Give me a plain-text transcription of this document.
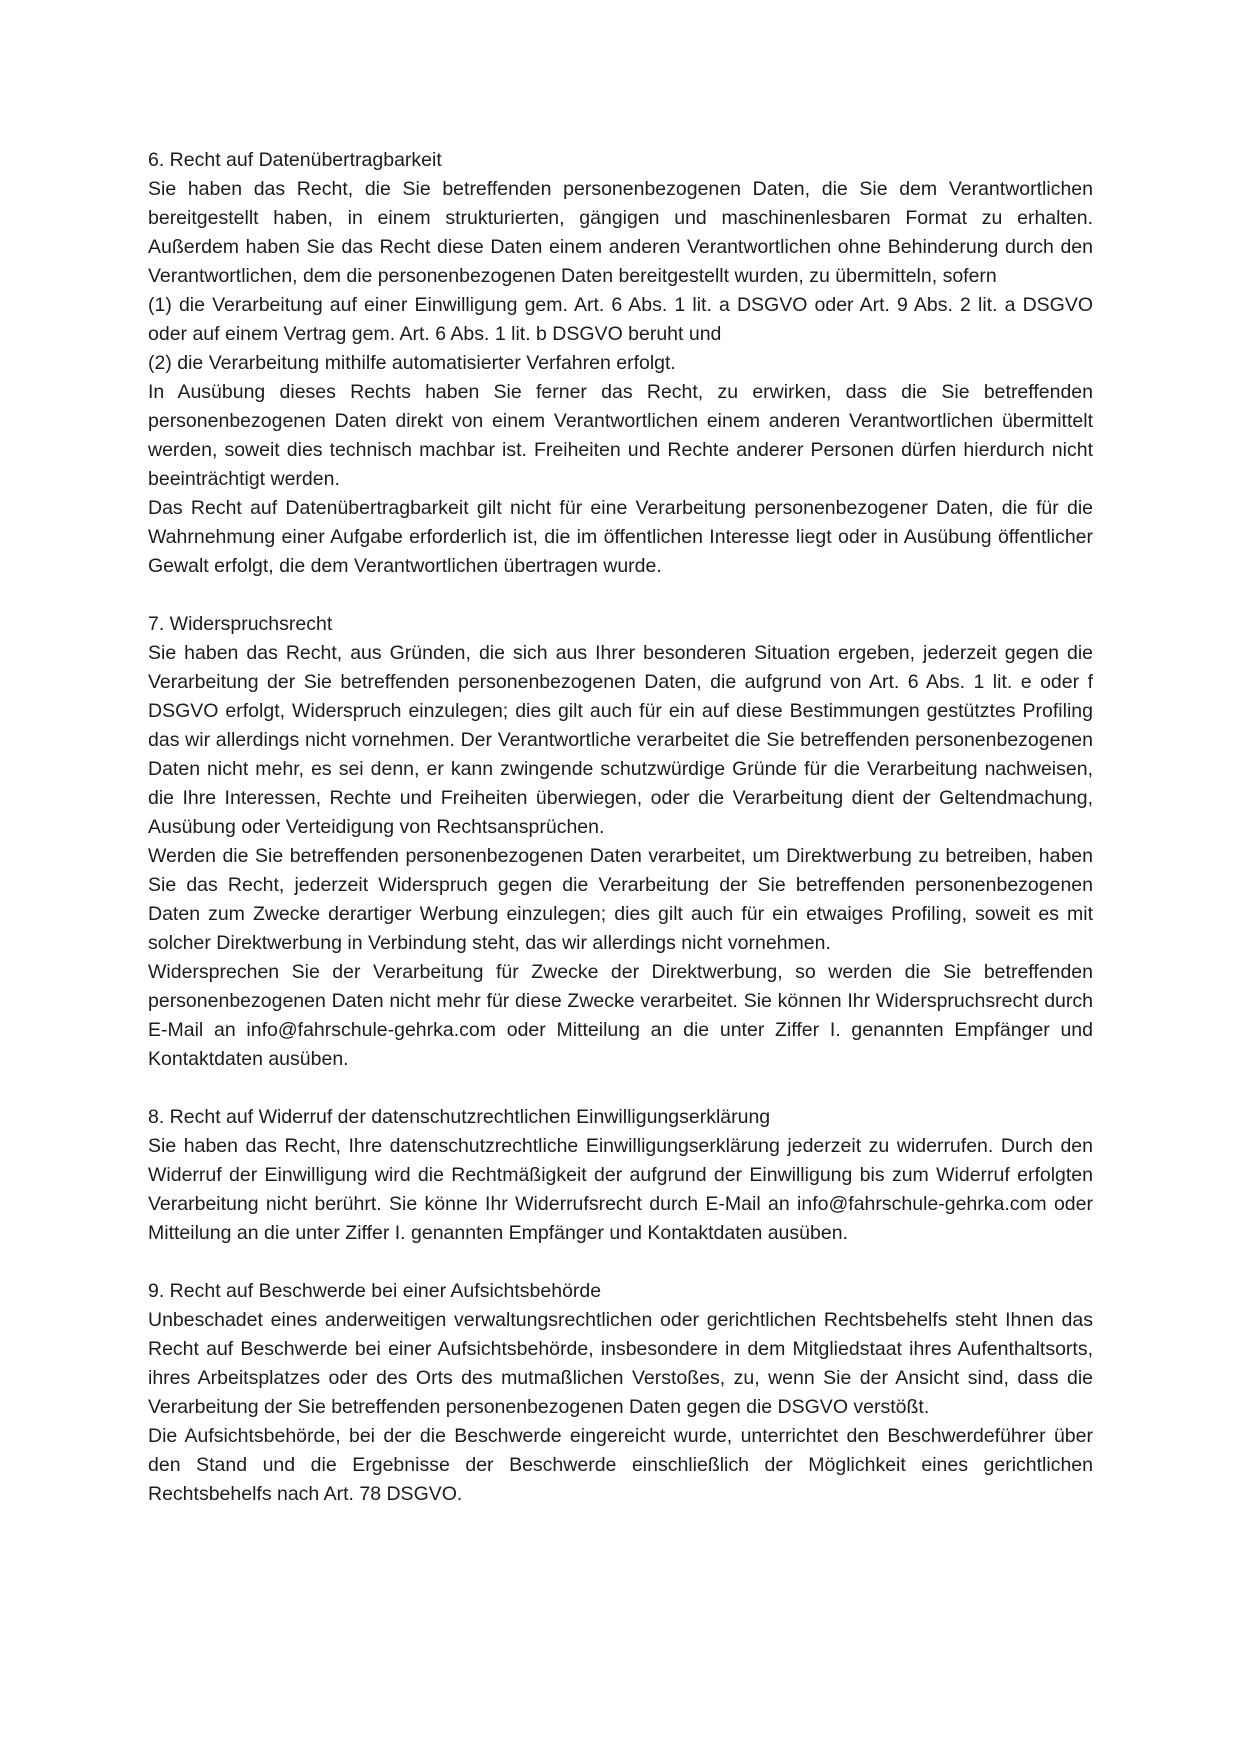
6. Recht auf Datenübertragbarkeit

Sie haben das Recht, die Sie betreffenden personenbezogenen Daten, die Sie dem Verantwortlichen bereitgestellt haben, in einem strukturierten, gängigen und maschinenlesbaren Format zu erhalten. Außerdem haben Sie das Recht diese Daten einem anderen Verantwortlichen ohne Behinderung durch den Verantwortlichen, dem die personenbezogenen Daten bereitgestellt wurden, zu übermitteln, sofern

(1) die Verarbeitung auf einer Einwilligung gem. Art. 6 Abs. 1 lit. a DSGVO oder Art. 9 Abs. 2 lit. a DSGVO oder auf einem Vertrag gem. Art. 6 Abs. 1 lit. b DSGVO beruht und

(2) die Verarbeitung mithilfe automatisierter Verfahren erfolgt.

In Ausübung dieses Rechts haben Sie ferner das Recht, zu erwirken, dass die Sie betreffenden personenbezogenen Daten direkt von einem Verantwortlichen einem anderen Verantwortlichen übermittelt werden, soweit dies technisch machbar ist. Freiheiten und Rechte anderer Personen dürfen hierdurch nicht beeinträchtigt werden.

Das Recht auf Datenübertragbarkeit gilt nicht für eine Verarbeitung personenbezogener Daten, die für die Wahrnehmung einer Aufgabe erforderlich ist, die im öffentlichen Interesse liegt oder in Ausübung öffentlicher Gewalt erfolgt, die dem Verantwortlichen übertragen wurde.

7. Widerspruchsrecht

Sie haben das Recht, aus Gründen, die sich aus Ihrer besonderen Situation ergeben, jederzeit gegen die Verarbeitung der Sie betreffenden personenbezogenen Daten, die aufgrund von Art. 6 Abs. 1 lit. e oder f DSGVO erfolgt, Widerspruch einzulegen; dies gilt auch für ein auf diese Bestimmungen gestütztes Profiling das wir allerdings nicht vornehmen. Der Verantwortliche verarbeitet die Sie betreffenden personenbezogenen Daten nicht mehr, es sei denn, er kann zwingende schutzwürdige Gründe für die Verarbeitung nachweisen, die Ihre Interessen, Rechte und Freiheiten überwiegen, oder die Verarbeitung dient der Geltendmachung, Ausübung oder Verteidigung von Rechtsansprüchen.

Werden die Sie betreffenden personenbezogenen Daten verarbeitet, um Direktwerbung zu betreiben, haben Sie das Recht, jederzeit Widerspruch gegen die Verarbeitung der Sie betreffenden personenbezogenen Daten zum Zwecke derartiger Werbung einzulegen; dies gilt auch für ein etwaiges Profiling, soweit es mit solcher Direktwerbung in Verbindung steht, das wir allerdings nicht vornehmen.

Widersprechen Sie der Verarbeitung für Zwecke der Direktwerbung, so werden die Sie betreffenden personenbezogenen Daten nicht mehr für diese Zwecke verarbeitet. Sie können Ihr Widerspruchsrecht durch E-Mail an info@fahrschule-gehrka.com oder Mitteilung an die unter Ziffer I. genannten Empfänger und Kontaktdaten ausüben.

8. Recht auf Widerruf der datenschutzrechtlichen Einwilligungserklärung

Sie haben das Recht, Ihre datenschutzrechtliche Einwilligungserklärung jederzeit zu widerrufen. Durch den Widerruf der Einwilligung wird die Rechtmäßigkeit der aufgrund der Einwilligung bis zum Widerruf erfolgten Verarbeitung nicht berührt. Sie könne Ihr Widerrufsrecht durch E-Mail an info@fahrschule-gehrka.com oder Mitteilung an die unter Ziffer I. genannten Empfänger und Kontaktdaten ausüben.

9. Recht auf Beschwerde bei einer Aufsichtsbehörde

Unbeschadet eines anderweitigen verwaltungsrechtlichen oder gerichtlichen Rechtsbehelfs steht Ihnen das Recht auf Beschwerde bei einer Aufsichtsbehörde, insbesondere in dem Mitgliedstaat ihres Aufenthaltsorts, ihres Arbeitsplatzes oder des Orts des mutmaßlichen Verstoßes, zu, wenn Sie der Ansicht sind, dass die Verarbeitung der Sie betreffenden personenbezogenen Daten gegen die DSGVO verstößt.

Die Aufsichtsbehörde, bei der die Beschwerde eingereicht wurde, unterrichtet den Beschwerdeführer über den Stand und die Ergebnisse der Beschwerde einschließlich der Möglichkeit eines gerichtlichen Rechtsbehelfs nach Art. 78 DSGVO.
